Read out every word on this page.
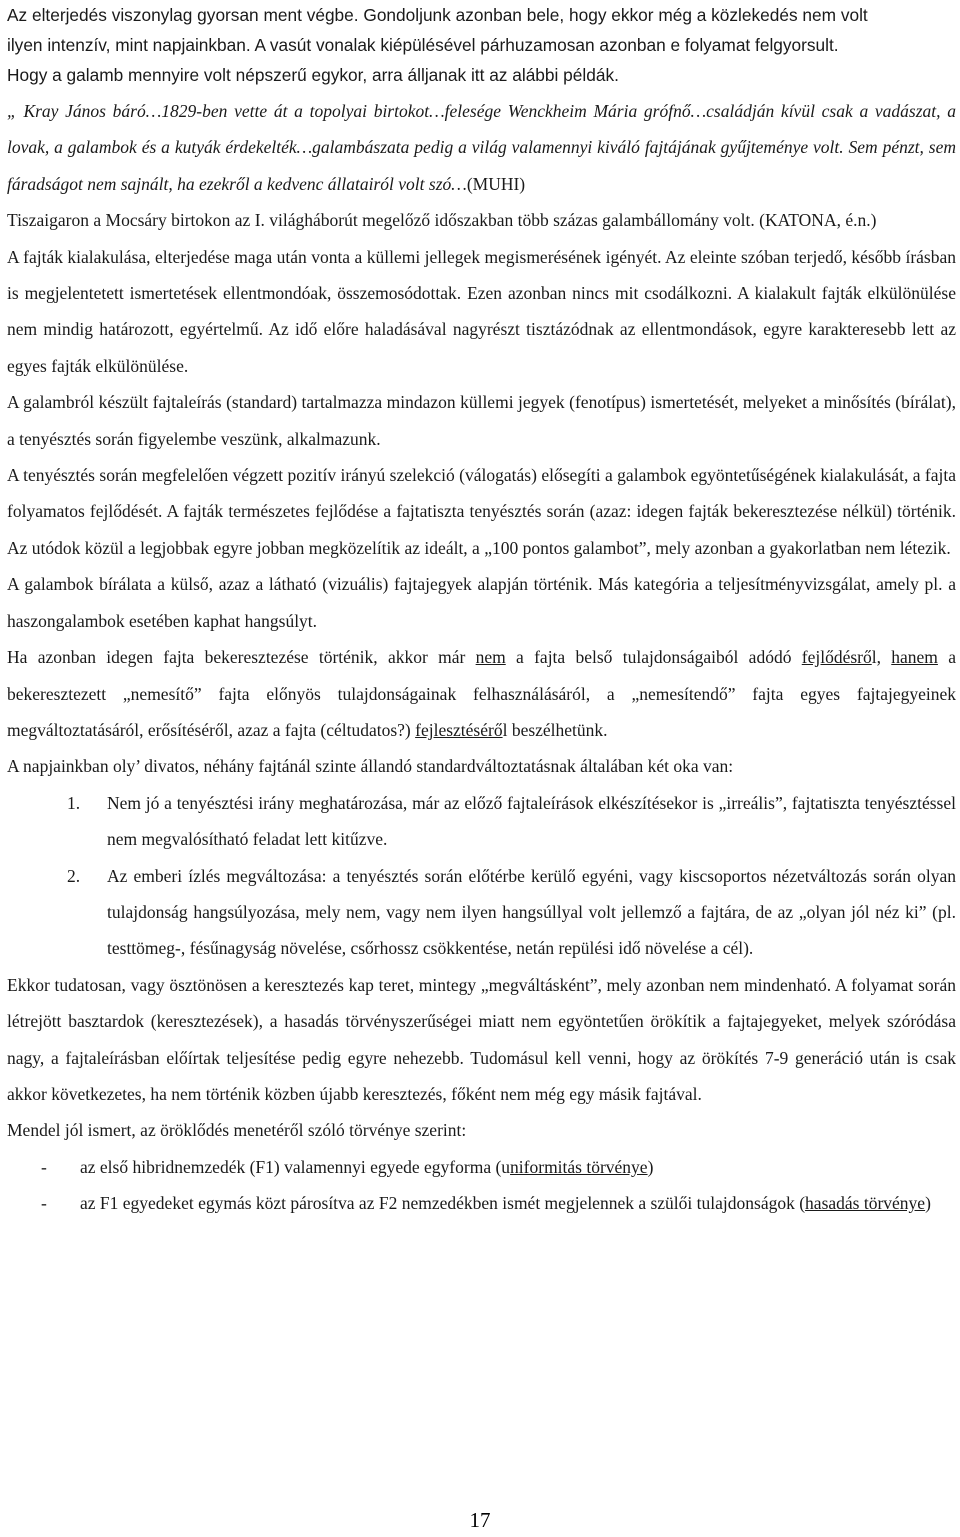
Az elterjedés viszonylag gyorsan ment végbe. Gondoljunk azonban bele, hogy ekkor még a közlekedés nem volt
ilyen intenzív, mint napjainkban. A vasút vonalak kiépülésével párhuzamosan azonban e folyamat felgyorsult.
Hogy a galamb mennyire volt népszerű egykor, arra álljanak itt az alábbi példák.

„ Kray János báró…1829-ben vette át a topolyai birtokot…felesége Wenckheim Mária grófnő…családján kívül csak a vadászat, a lovak, a galambok és a kutyák érdekelték…galambászata pedig a világ valamennyi kiváló fajtájának gyűjteménye volt. Sem pénzt, sem fáradságot nem sajnált, ha ezekről a kedvenc állatairól volt szó…(MUHI)

Tiszaigaron a Mocsáry birtokon az I. világháborút megelőző időszakban több százas galambállomány volt. (KATONA, é.n.)

A fajták kialakulása, elterjedése maga után vonta a küllemi jellegek megismerésének igényét. Az eleinte szóban terjedő, később írásban is megjelentetett ismertetések ellentmondóak, összemosódottak. Ezen azonban nincs mit csodálkozni. A kialakult fajták elkülönülése nem mindig határozott, egyértelmű. Az idő előre haladásával nagyrészt tisztázódnak az ellentmondások, egyre karakteresebb lett az egyes fajták elkülönülése.

A galambról készült fajtaleírás (standard) tartalmazza mindazon küllemi jegyek (fenotípus) ismertetését, melyeket a minősítés (bírálat), a tenyésztés során figyelembe veszünk, alkalmazunk.

A tenyésztés során megfelelően végzett pozitív irányú szelekció (válogatás) elősegíti a galambok egyöntetűségének kialakulását, a fajta folyamatos fejlődését. A fajták természetes fejlődése a fajtatiszta tenyésztés során (azaz: idegen fajták bekeresztezése nélkül) történik. Az utódok közül a legjobbak egyre jobban megközelítik az ideált, a „100 pontos galambot”, mely azonban a gyakorlatban nem létezik.

A galambok bírálata a külső, azaz a látható (vizuális) fajtajegyek alapján történik. Más kategória a teljesítményvizsgálat, amely pl. a haszongalambok esetében kaphat hangsúlyt.

Ha azonban idegen fajta bekeresztezése történik, akkor már nem a fajta belső tulajdonságaiból adódó fejlődésről, hanem a bekeresztezett „nemesítő” fajta előnyös tulajdonságainak felhasználásáról, a „nemesítendő” fajta egyes fajtajegyeinek megváltoztatásáról, erősítéséről, azaz a fajta (céltudatos?) fejlesztéséről beszélhetünk.

A napjainkban oly’ divatos, néhány fajtánál szinte állandó standardváltoztatásnak általában két oka van:

1. Nem jó a tenyésztési irány meghatározása, már az előző fajtaleírások elkészítésekor is „irreális”, fajtatiszta tenyésztéssel nem megvalósítható feladat lett kitűzve.
2. Az emberi ízlés megváltozása: a tenyésztés során előtérbe kerülő egyéni, vagy kiscsoportos nézetváltozás során olyan tulajdonság hangsúlyozása, mely nem, vagy nem ilyen hangsúllyal volt jellemző a fajtára, de az „olyan jól néz ki” (pl. testtömeg-, fésűnagyság növelése, csőrhossz csökkentése, netán repülési idő növelése a cél).

Ekkor tudatosan, vagy ösztönösen a keresztezés kap teret, mintegy „megváltásként”, mely azonban nem mindenható. A folyamat során létrejött basztardok (keresztezések), a hasadás törvényszerűségei miatt nem egyöntetűen örökítik a fajtajegyeket, melyek szóródása nagy, a fajtaleírásban előírtak teljesítése pedig egyre nehezebb. Tudomásul kell venni, hogy az örökítés 7-9 generáció után is csak akkor következetes, ha nem történik közben újabb keresztezés, főként nem még egy másik fajtával.

Mendel jól ismert, az öröklődés menetéről szóló törvénye szerint:

- az első hibridnemzedék (F1) valamennyi egyede egyforma (uniformitás törvénye)
- az F1 egyedeket egymás közt párosítva az F2 nemzedékben ismét megjelennek a szülői tulajdonságok (hasadás törvénye)
17
